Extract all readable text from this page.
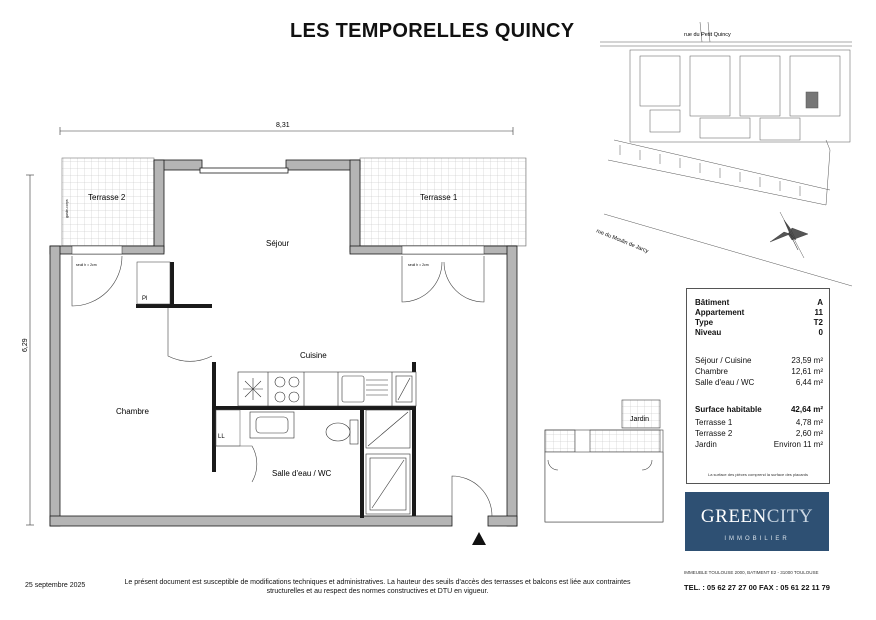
LES TEMPORELLES QUINCY
8,31
6,29
Terrasse 2	Terrasse 1
garde-corps
seuil h = 2cm	seuil h = 2cm
Pl
LL
Séjour
Cuisine
Chambre
Salle d'eau / WC
Jardin
rue du Petit Quincy
rue du Moulin de Jarcy
Bâtiment	A
Appartement	11
Type	T2
Niveau	0
Séjour / Cuisine	23,59 m²
Chambre	12,61 m²
Salle d'eau / WC	6,44 m²
Surface habitable	42,64 m²
Terrasse 1	4,78 m²
Terrasse 2	2,60 m²
Jardin	Environ 11 m²
La surface des pièces comprend la surface des placards
GREENCITY
IMMOBILIER
IMMEUBLE TOULOUSE 2000, BATIMENT E2 - 31000 TOULOUSE
TEL. : 05 62 27 27 00 FAX : 05 61 22 11 79
25 septembre 2025	Le présent document est susceptible de modifications techniques et administratives. La hauteur des seuils d'accès des terrasses et balcons est liée aux contraintes structurelles et au respect des normes constructives et DTU en vigueur.
